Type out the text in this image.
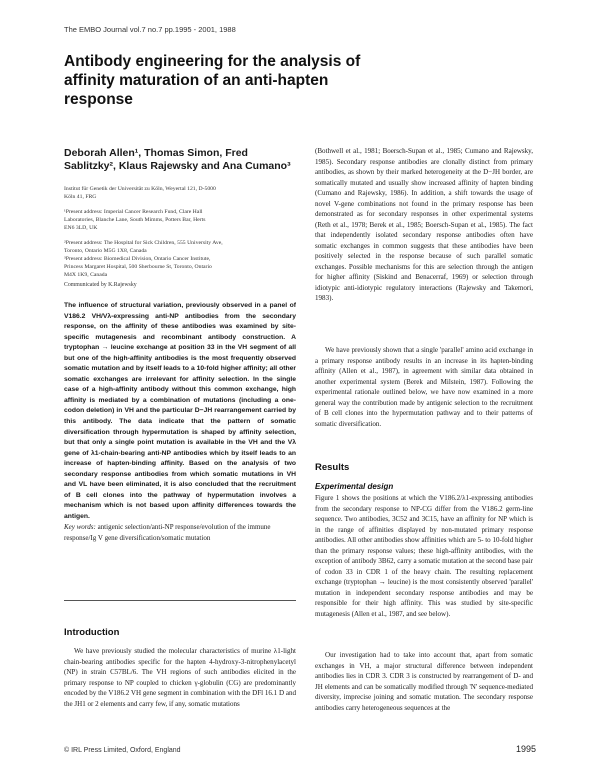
The EMBO Journal vol.7 no.7 pp.1995 - 2001, 1988
Antibody engineering for the analysis of affinity maturation of an anti-hapten response

Deborah Allen¹, Thomas Simon, Fred Sablitzky², Klaus Rajewsky and Ana Cumano³

Institut für Genetik der Universität zu Köln, Weyertal 121, D-5000
Köln 41, FRG
¹Present address: Imperial Cancer Research Fund, Clare Hall
Laboratories, Blanche Lane, South Mimms, Potters Bar, Herts
EN6 3LD, UK
²Present address: The Hospital for Sick Children, 555 University Ave,
Toronto, Ontario M5G 1X8, Canada
³Present address: Biomedical Division, Ontario Cancer Institute,
Princess Margaret Hospital, 500 Sherbourne St, Toronto, Ontario
M4X 1K9, Canada
Communicated by K.Rajewsky

The influence of structural variation, previously observed in a panel of V186.2 VH/Vλ-expressing anti-NP antibodies from the secondary response, on the affinity of these antibodies was examined by site-specific mutagenesis and recombinant antibody construction. A tryptophan → leucine exchange at position 33 in the VH segment of all but one of the high-affinity antibodies is the most frequently observed somatic mutation and by itself leads to a 10-fold higher affinity; all other somatic exchanges are irrelevant for affinity selection. In the single case of a high-affinity antibody without this common exchange, high affinity is mediated by a combination of mutations (including a one-codon deletion) in VH and the particular D−JH rearrangement carried by this antibody. The data indicate that the pattern of somatic diversification through hypermutation is shaped by affinity selection, but that only a single point mutation is available in the VH and the Vλ gene of λ1-chain-bearing anti-NP antibodies which by itself leads to an increase of hapten-binding affinity. Based on the analysis of two secondary response antibodies from which somatic mutations in VH and VL have been eliminated, it is also concluded that the recruitment of B cell clones into the pathway of hypermutation involves a mechanism which is not based upon affinity differences towards the antigen.

Key words: antigenic selection/anti-NP response/evolution of the immune response/Ig V gene diversification/somatic mutation

Introduction

We have previously studied the molecular characteristics of murine λ1-light chain-bearing antibodies specific for the hapten 4-hydroxy-3-nitrophenylacetyl (NP) in strain C57BL/6. The VH regions of such antibodies elicited in the primary response to NP coupled to chicken γ-globulin (CG) are predominantly encoded by the V186.2 VH gene segment in combination with the DFl 16.1 D and the JH1 or 2 elements and carry few, if any, somatic mutations

(Bothwell et al., 1981; Boersch-Supan et al., 1985; Cumano and Rajewsky, 1985). Secondary response antibodies are clonally distinct from primary antibodies, as shown by their marked heterogeneity at the D−JH border, are somatically mutated and usually show increased affinity of hapten binding (Cumano and Rajewsky, 1986). In addition, a shift towards the usage of novel V-gene combinations not found in the primary response has been demonstrated as for secondary responses in other experimental systems (Reth et al., 1978; Berek et al., 1985; Boersch-Supan et al., 1985). The fact that independently isolated secondary response antibodies often have somatic exchanges in common suggests that these antibodies have been positively selected in the response because of such parallel somatic exchanges. Possible mechanisms for this are selection through the antigen for higher affinity (Siskind and Benacerraf, 1969) or selection through idiotypic anti-idiotypic regulatory interactions (Rajewsky and Takemori, 1983).

We have previously shown that a single 'parallel' amino acid exchange in a primary response antibody results in an increase in its hapten-binding affinity (Allen et al., 1987), in agreement with similar data obtained in another experimental system (Berek and Milstein, 1987). Following the experimental rationale outlined below, we have now examined in a more general way the contribution made by antigenic selection to the recruitment of B cell clones into the hypermutation pathway and to their patterns of somatic diversification.

Results
Experimental design

Figure 1 shows the positions at which the V186.2/λ1-expressing antibodies from the secondary response to NP-CG differ from the V186.2 germ-line sequence. Two antibodies, 3C52 and 3C15, have an affinity for NP which is in the range of affinities displayed by non-mutated primary response antibodies. All other antibodies show affinities which are 5- to 10-fold higher than the primary response values; these high-affinity antibodies, with the exception of antibody 3B62, carry a somatic mutation at the second base pair of codon 33 in CDR 1 of the heavy chain. The resulting replacement exchange (tryptophan → leucine) is the most consistently observed 'parallel' mutation in independent secondary response antibodies and may be responsible for their high affinity. This was studied by site-specific mutagenesis (Allen et al., 1987, and see below).

Our investigation had to take into account that, apart from somatic exchanges in VH, a major structural difference between independent antibodies lies in CDR 3. CDR 3 is constructed by rearrangement of D- and JH elements and can be somatically modified through 'N' sequence-mediated diversity, imprecise joining and somatic mutation. The secondary response antibodies carry heterogeneous sequences at the

© IRL Press Limited, Oxford, England	1995
